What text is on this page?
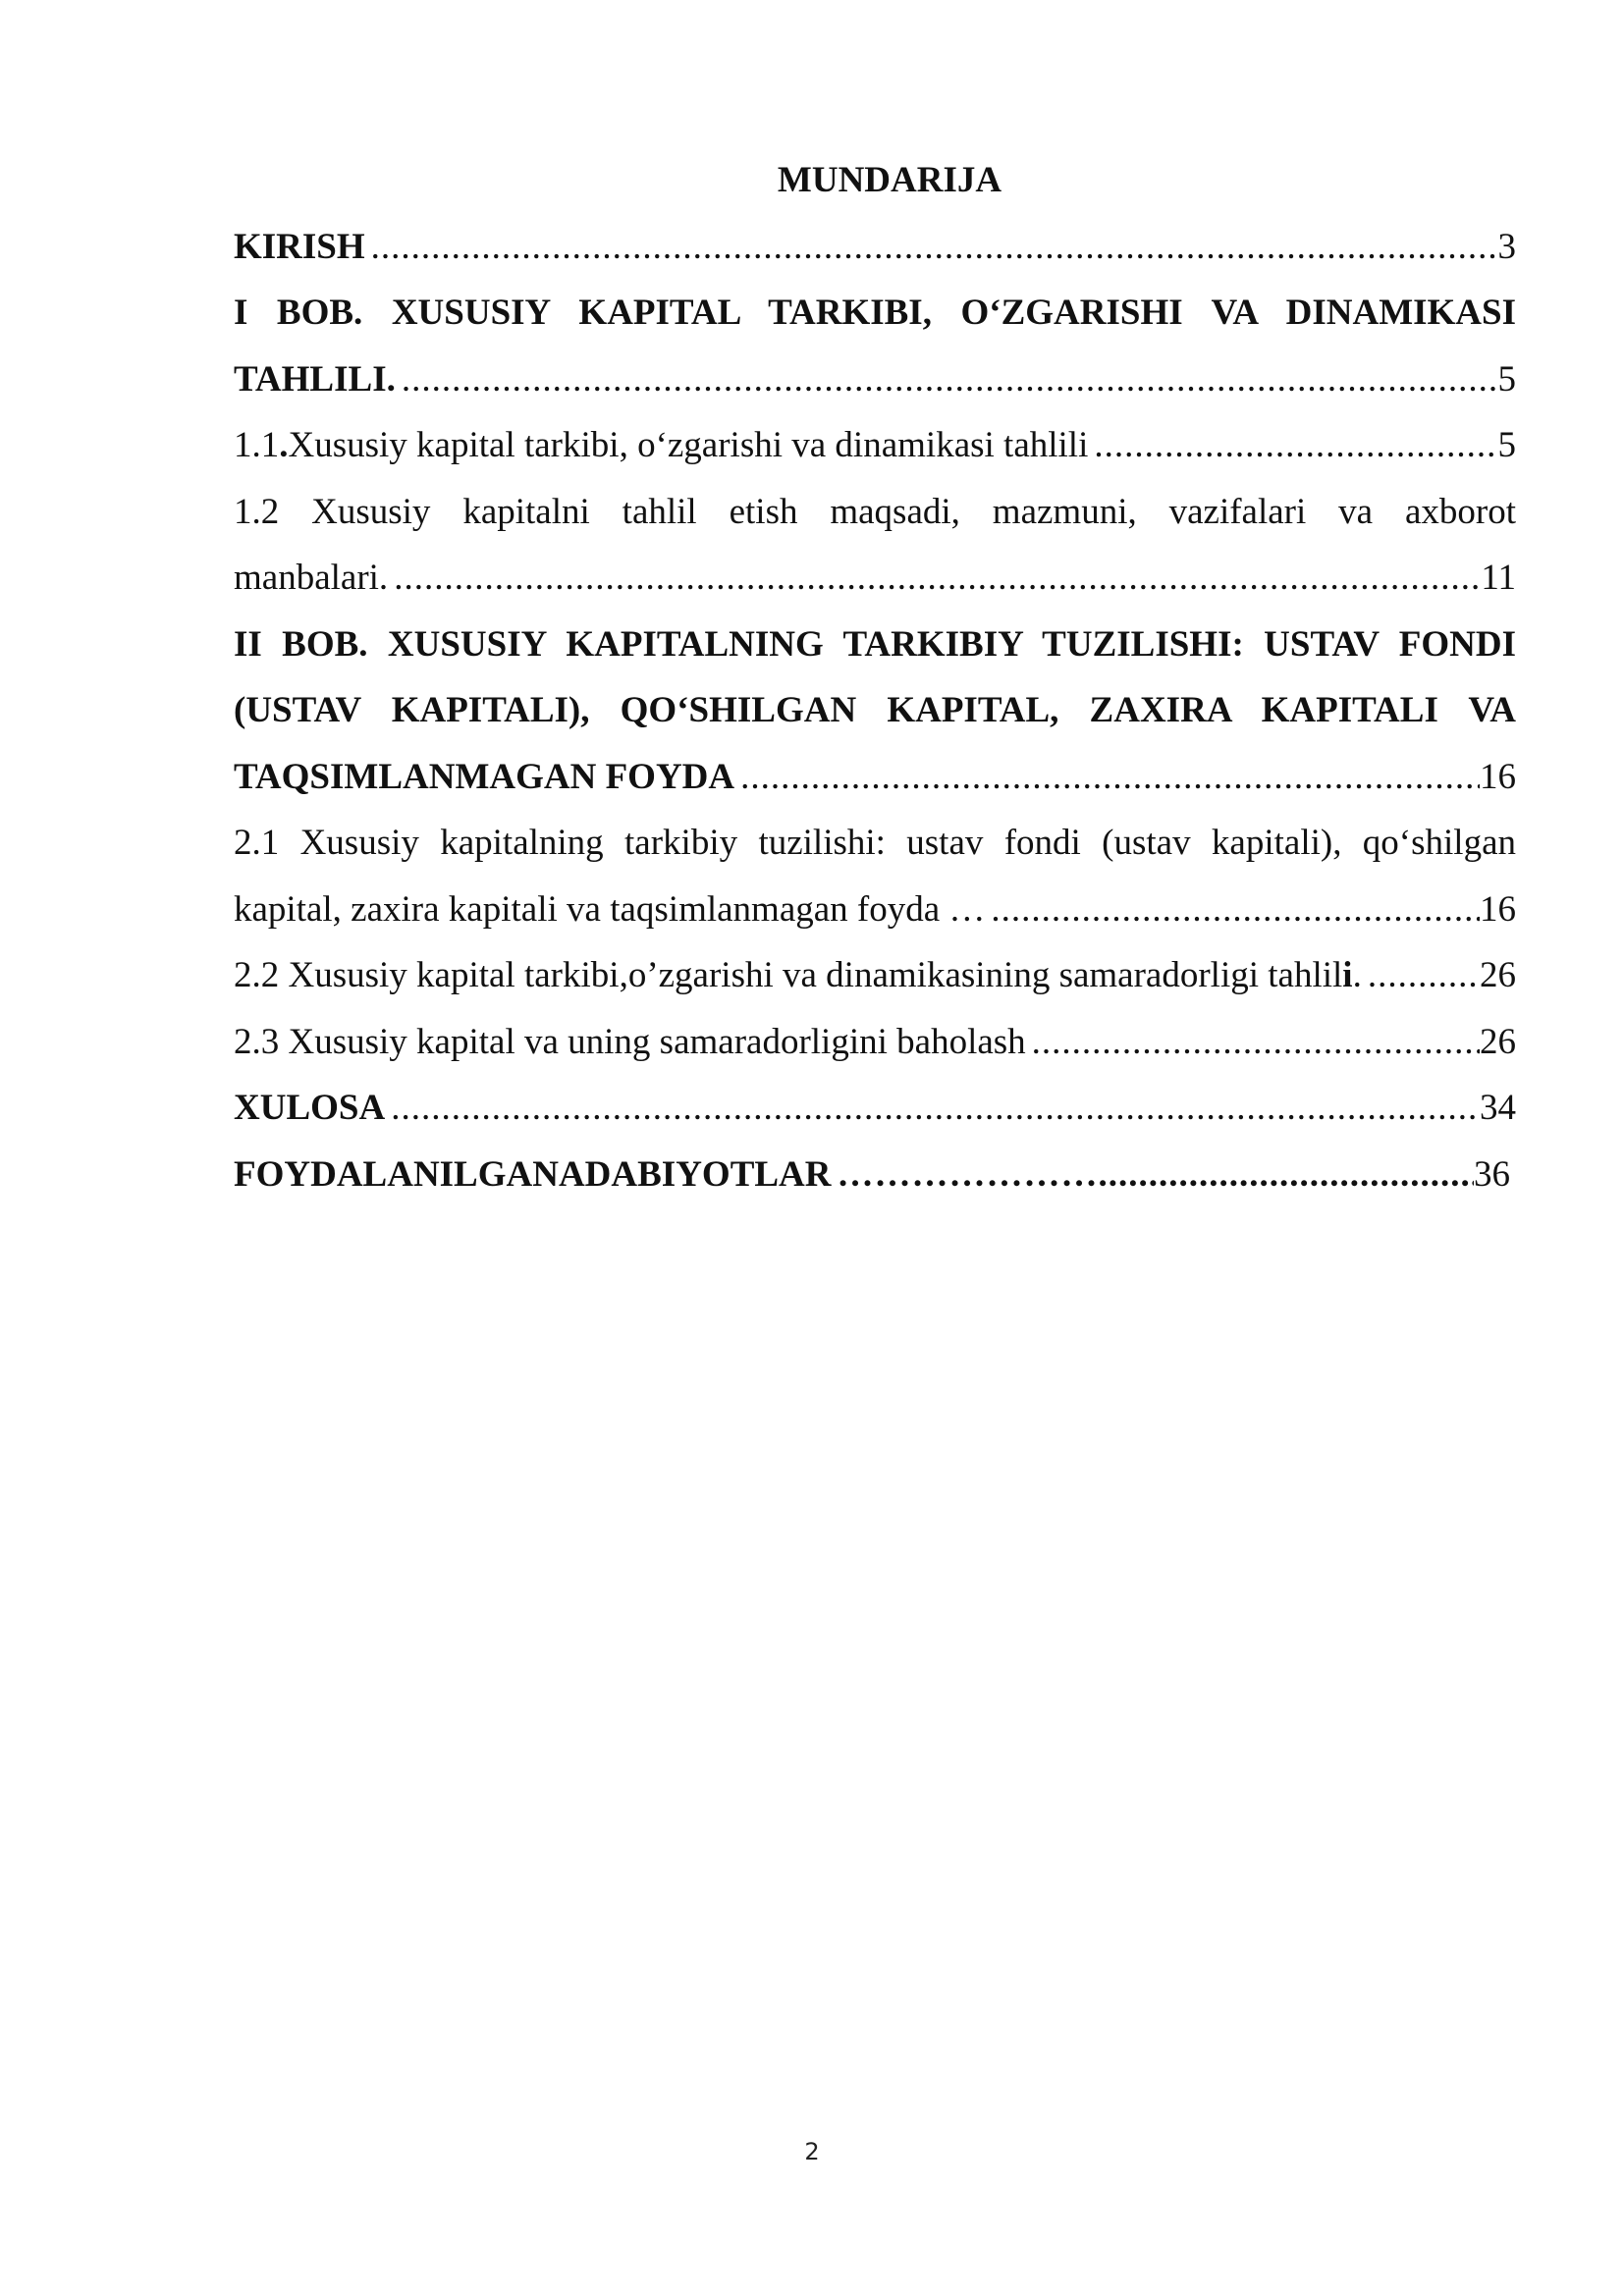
MUNDARIJA
KIRISH .....	3
I BOB. XUSUSIY KAPITAL TARKIBI, O‘ZGARISHI VA DINAMIKASI
TAHLILI. .....	5
1.1.Xususiy kapital tarkibi, o‘zgarishi va dinamikasi tahlili .....	5
1.2 Xususiy kapitalni tahlil etish maqsadi, mazmuni, vazifalari va axborot
manbalari. .....	11
II BOB. XUSUSIY KAPITALNING TARKIBIY TUZILISHI: USTAV FONDI
(USTAV KAPITALI), QO‘SHILGAN KAPITAL, ZAXIRA KAPITALI VA
TAQSIMLANMAGAN FOYDA .....	16
2.1 Xususiy kapitalning tarkibiy tuzilishi: ustav fondi (ustav kapitali), qo‘shilgan
kapital, zaxira kapitali va taqsimlanmagan foyda … .....	16
2.2 Xususiy kapital tarkibi,o’zgarishi va dinamikasining samaradorligi tahlili. .....	26
2.3 Xususiy kapital va uning samaradorligini baholash .....	26
XULOSA .....	34
FOYDALANILGANADABIYOTLAR …………………......................................................................................................................................................................................................................	36
2
